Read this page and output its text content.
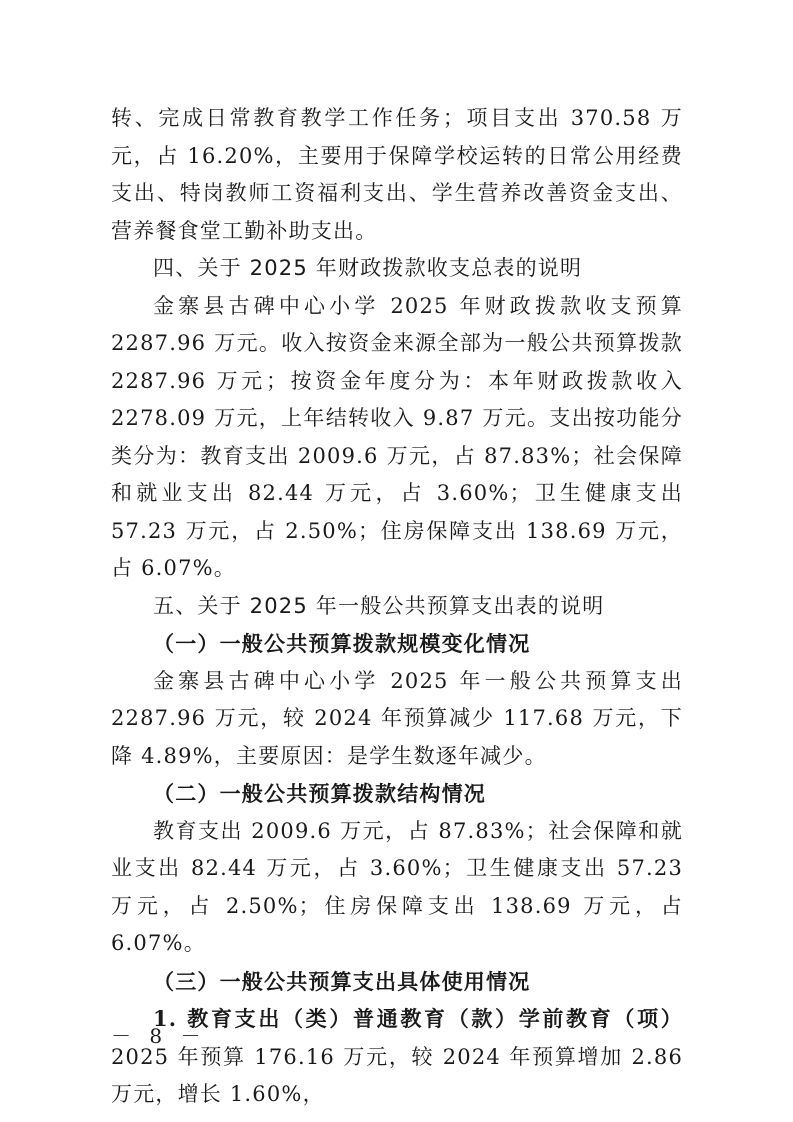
转、完成日常教育教学工作任务；项目支出 370.58 万元，占 16.20%，主要用于保障学校运转的日常公用经费支出、特岗教师工资福利支出、学生营养改善资金支出、营养餐食堂工勤补助支出。

四、关于 2025 年财政拨款收支总表的说明

金寨县古碑中心小学 2025 年财政拨款收支预算 2287.96 万元。收入按资金来源全部为一般公共预算拨款 2287.96 万元；按资金年度分为：本年财政拨款收入 2278.09 万元，上年结转收入 9.87 万元。支出按功能分类分为：教育支出 2009.6 万元，占 87.83%；社会保障和就业支出 82.44 万元，占 3.60%；卫生健康支出 57.23 万元，占 2.50%；住房保障支出 138.69 万元，占 6.07%。

五、关于 2025 年一般公共预算支出表的说明

（一）一般公共预算拨款规模变化情况

金寨县古碑中心小学 2025 年一般公共预算支出 2287.96 万元，较 2024 年预算减少 117.68 万元，下降 4.89%，主要原因：是学生数逐年减少。

（二）一般公共预算拨款结构情况

教育支出 2009.6 万元，占 87.83%；社会保障和就业支出 82.44 万元，占 3.60%；卫生健康支出 57.23 万元，占 2.50%；住房保障支出 138.69 万元，占 6.07%。

（三）一般公共预算支出具体使用情况

1. 教育支出（类）普通教育（款）学前教育（项）2025 年预算 176.16 万元，较 2024 年预算增加 2.86 万元，增长 1.60%，

－ 8 －
